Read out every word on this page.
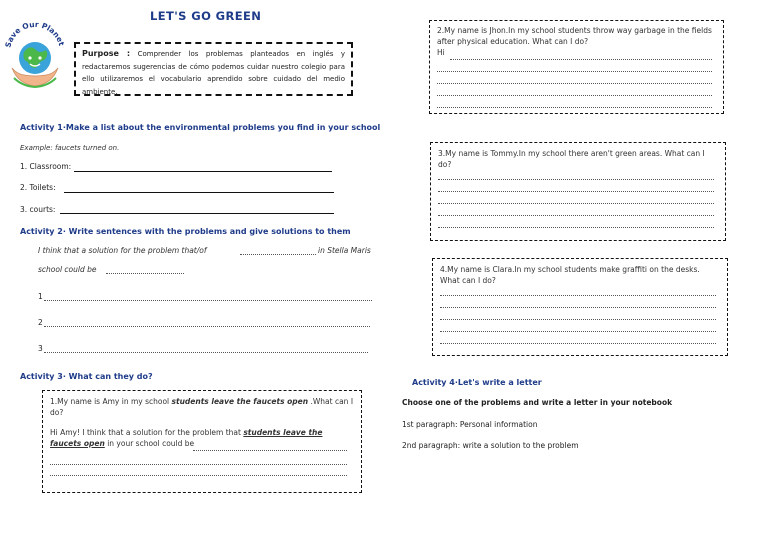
LET'S GO GREEN
Save Our Planet
Purpose : Comprender los problemas planteados en inglés y redactaremos sugerencias de cómo podemos cuidar nuestro colegio para ello utilizaremos el vocabulario aprendido sobre cuidado del medio ambiente.
Activity 1·Make a list about the environmental problems you find in your school
Example: faucets turned on.
1. Classroom:
2. Toilets:
3. courts:
Activity 2· Write sentences with the problems and give solutions to them
I think that a solution for the problem that/of	in Stella Maris
school could be
1
2
3
Activity 3· What can they do?
1.My name is Amy in my school students leave the faucets open .What can I do?
Hi Amy! I think that a solution for the problem that students leave the faucets open in your school could be
2.My name is Jhon.In my school students throw way garbage in the fields after physical education. What can I do?
Hi
3.My name is Tommy.In my school there aren't green areas. What can I do?
4.My name is Clara.In my school students make graffiti on the desks. What can I do?
Activity 4·Let's write a letter
Choose one of the problems and write a letter in your notebook
1st paragraph: Personal information
2nd paragraph: write a solution to the problem
